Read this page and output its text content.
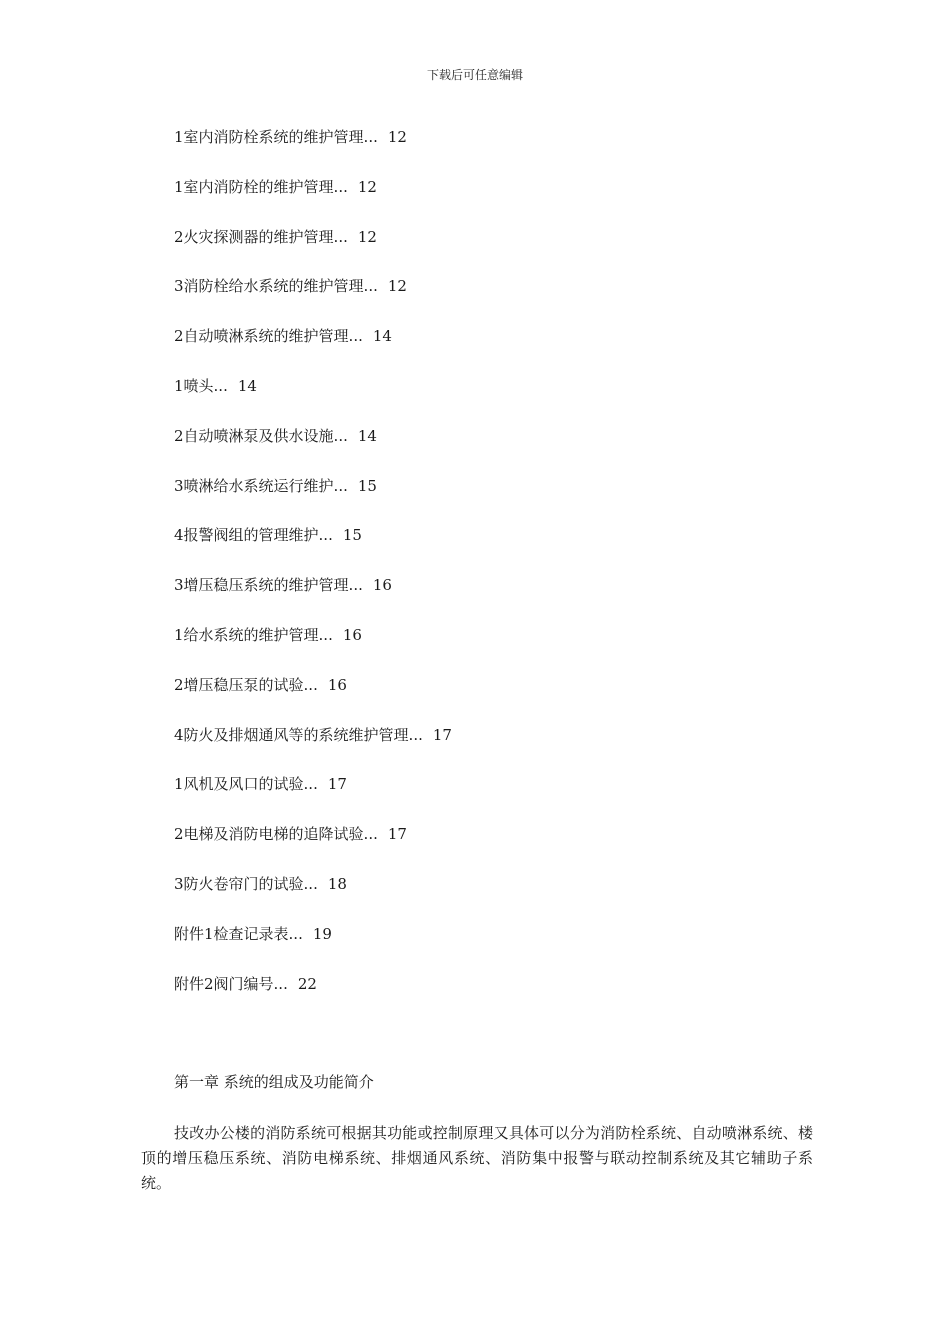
下载后可任意编辑
1室内消防栓系统的维护管理... 12
1室内消防栓的维护管理... 12
2火灾探测器的维护管理... 12
3消防栓给水系统的维护管理... 12
2自动喷淋系统的维护管理... 14
1喷头... 14
2自动喷淋泵及供水设施... 14
3喷淋给水系统运行维护... 15
4报警阀组的管理维护... 15
3增压稳压系统的维护管理... 16
1给水系统的维护管理... 16
2增压稳压泵的试验... 16
4防火及排烟通风等的系统维护管理... 17
1风机及风口的试验... 17
2电梯及消防电梯的追降试验... 17
3防火卷帘门的试验... 18
附件1检查记录表... 19
附件2阀门编号... 22
第一章 系统的组成及功能简介

技改办公楼的消防系统可根据其功能或控制原理又具体可以分为消防栓系统、自动喷淋系统、楼顶的增压稳压系统、消防电梯系统、排烟通风系统、消防集中报警与联动控制系统及其它辅助子系统。
